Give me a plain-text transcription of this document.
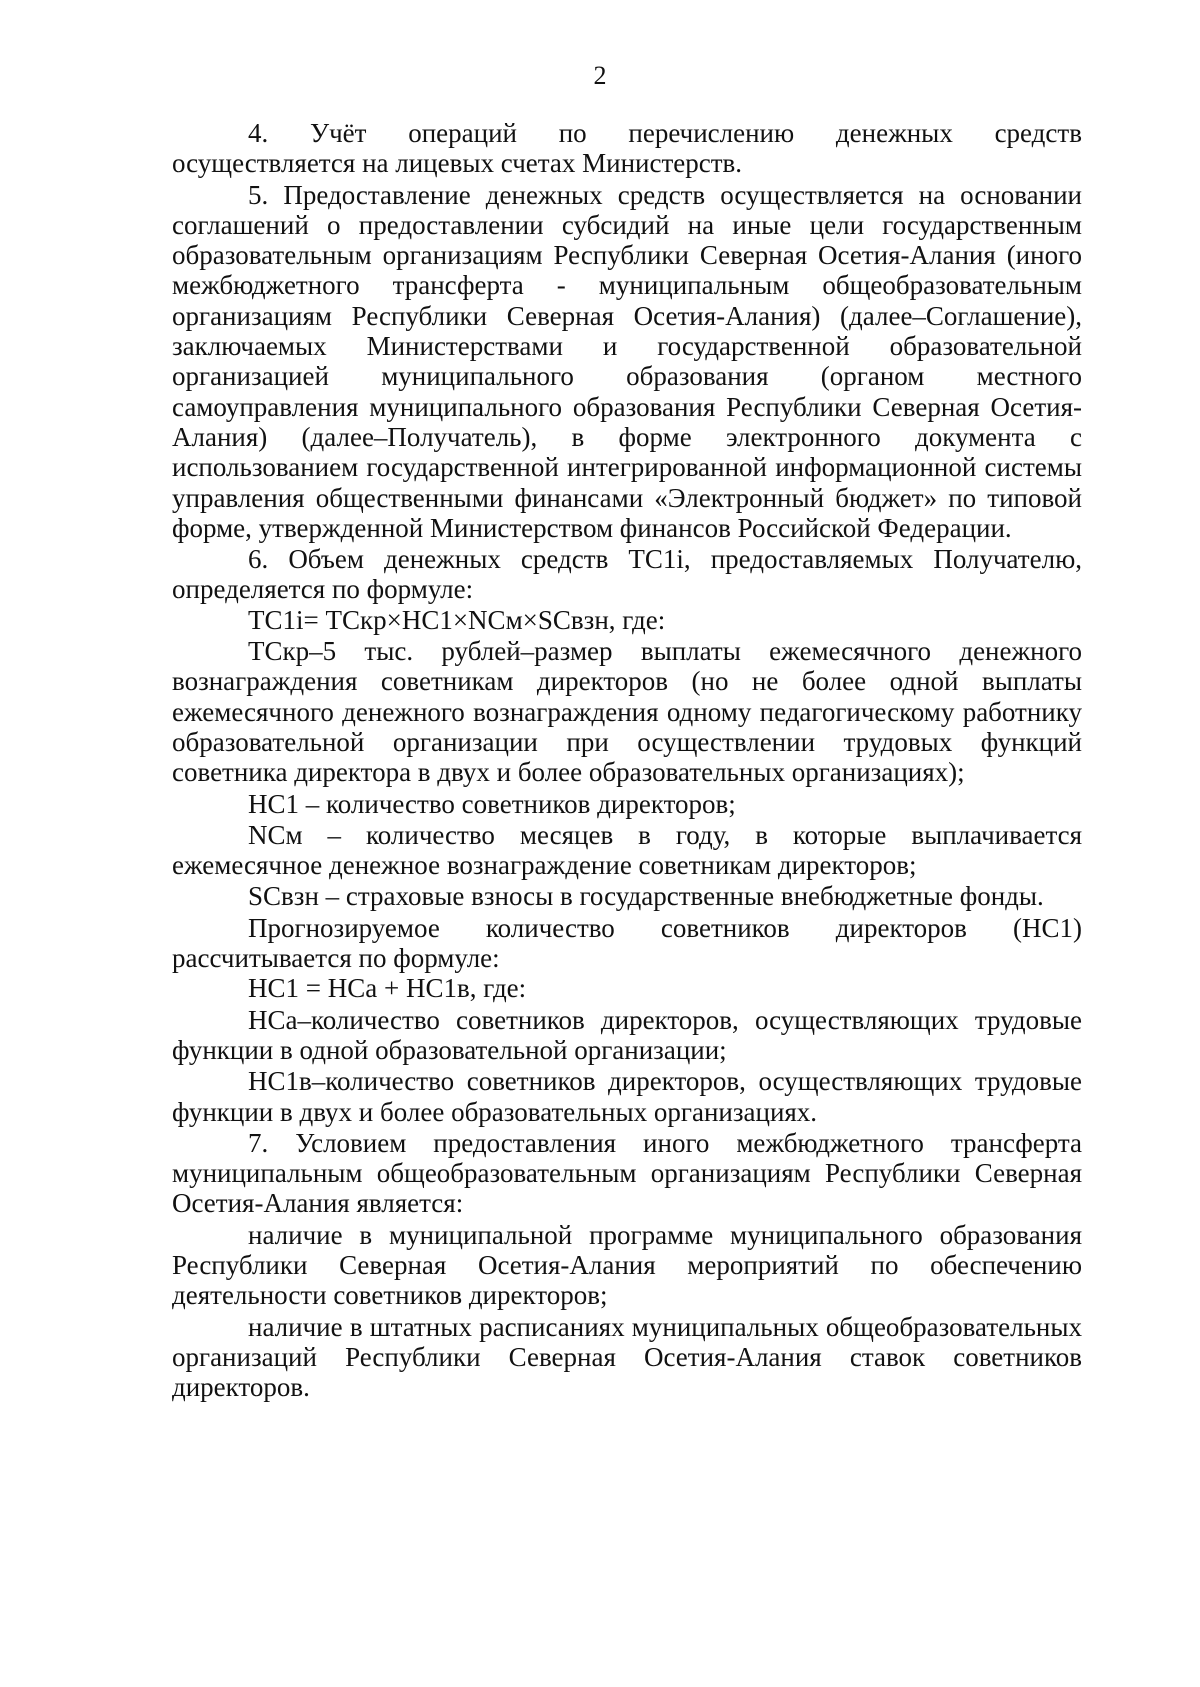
2
4. Учёт операций по перечислению денежных средств

осуществляется на лицевых счетах Министерств.

5. Предоставление денежных средств осуществляется на основании соглашений о предоставлении субсидий на иные цели государственным образовательным организациям Республики Северная Осетия-Алания (иного межбюджетного трансферта - муниципальным общеобразовательным организациям Республики Северная Осетия-Алания) (далее–Соглашение), заключаемых Министерствами и государственной образовательной организацией муниципального образования (органом местного самоуправления муниципального образования Республики Северная Осетия-Алания) (далее–Получатель), в форме электронного документа с использованием государственной интегрированной информационной системы управления общественными финансами «Электронный бюджет» по типовой форме, утвержденной Министерством финансов Российской Федерации.

6. Объем денежных средств ТС1i, предоставляемых Получателю, определяется по формуле:

ТС1i= ТСкр×НС1×NСм×SСвзн, где:

ТСкр–5 тыс. рублей–размер выплаты ежемесячного денежного вознаграждения советникам директоров (но не более одной выплаты ежемесячного денежного вознаграждения одному педагогическому работнику образовательной организации при осуществлении трудовых функций советника директора в двух и более образовательных организациях);

НС1 – количество советников директоров;

NСм – количество месяцев в году, в которые выплачивается ежемесячное денежное вознаграждение советникам директоров;

SСвзн – страховые взносы в государственные внебюджетные фонды.

Прогнозируемое количество советников директоров (НС1) рассчитывается по формуле:

НС1 = НСа + НС1в, где:

НСа–количество советников директоров, осуществляющих трудовые функции в одной образовательной организации;

НС1в–количество советников директоров, осуществляющих трудовые функции в двух и более образовательных организациях.

7. Условием предоставления иного межбюджетного трансферта муниципальным общеобразовательным организациям Республики Северная Осетия-Алания является:

наличие в муниципальной программе муниципального образования Республики Северная Осетия-Алания мероприятий по обеспечению деятельности советников директоров;

наличие в штатных расписаниях муниципальных общеобразовательных организаций Республики Северная Осетия-Алания ставок советников директоров.
